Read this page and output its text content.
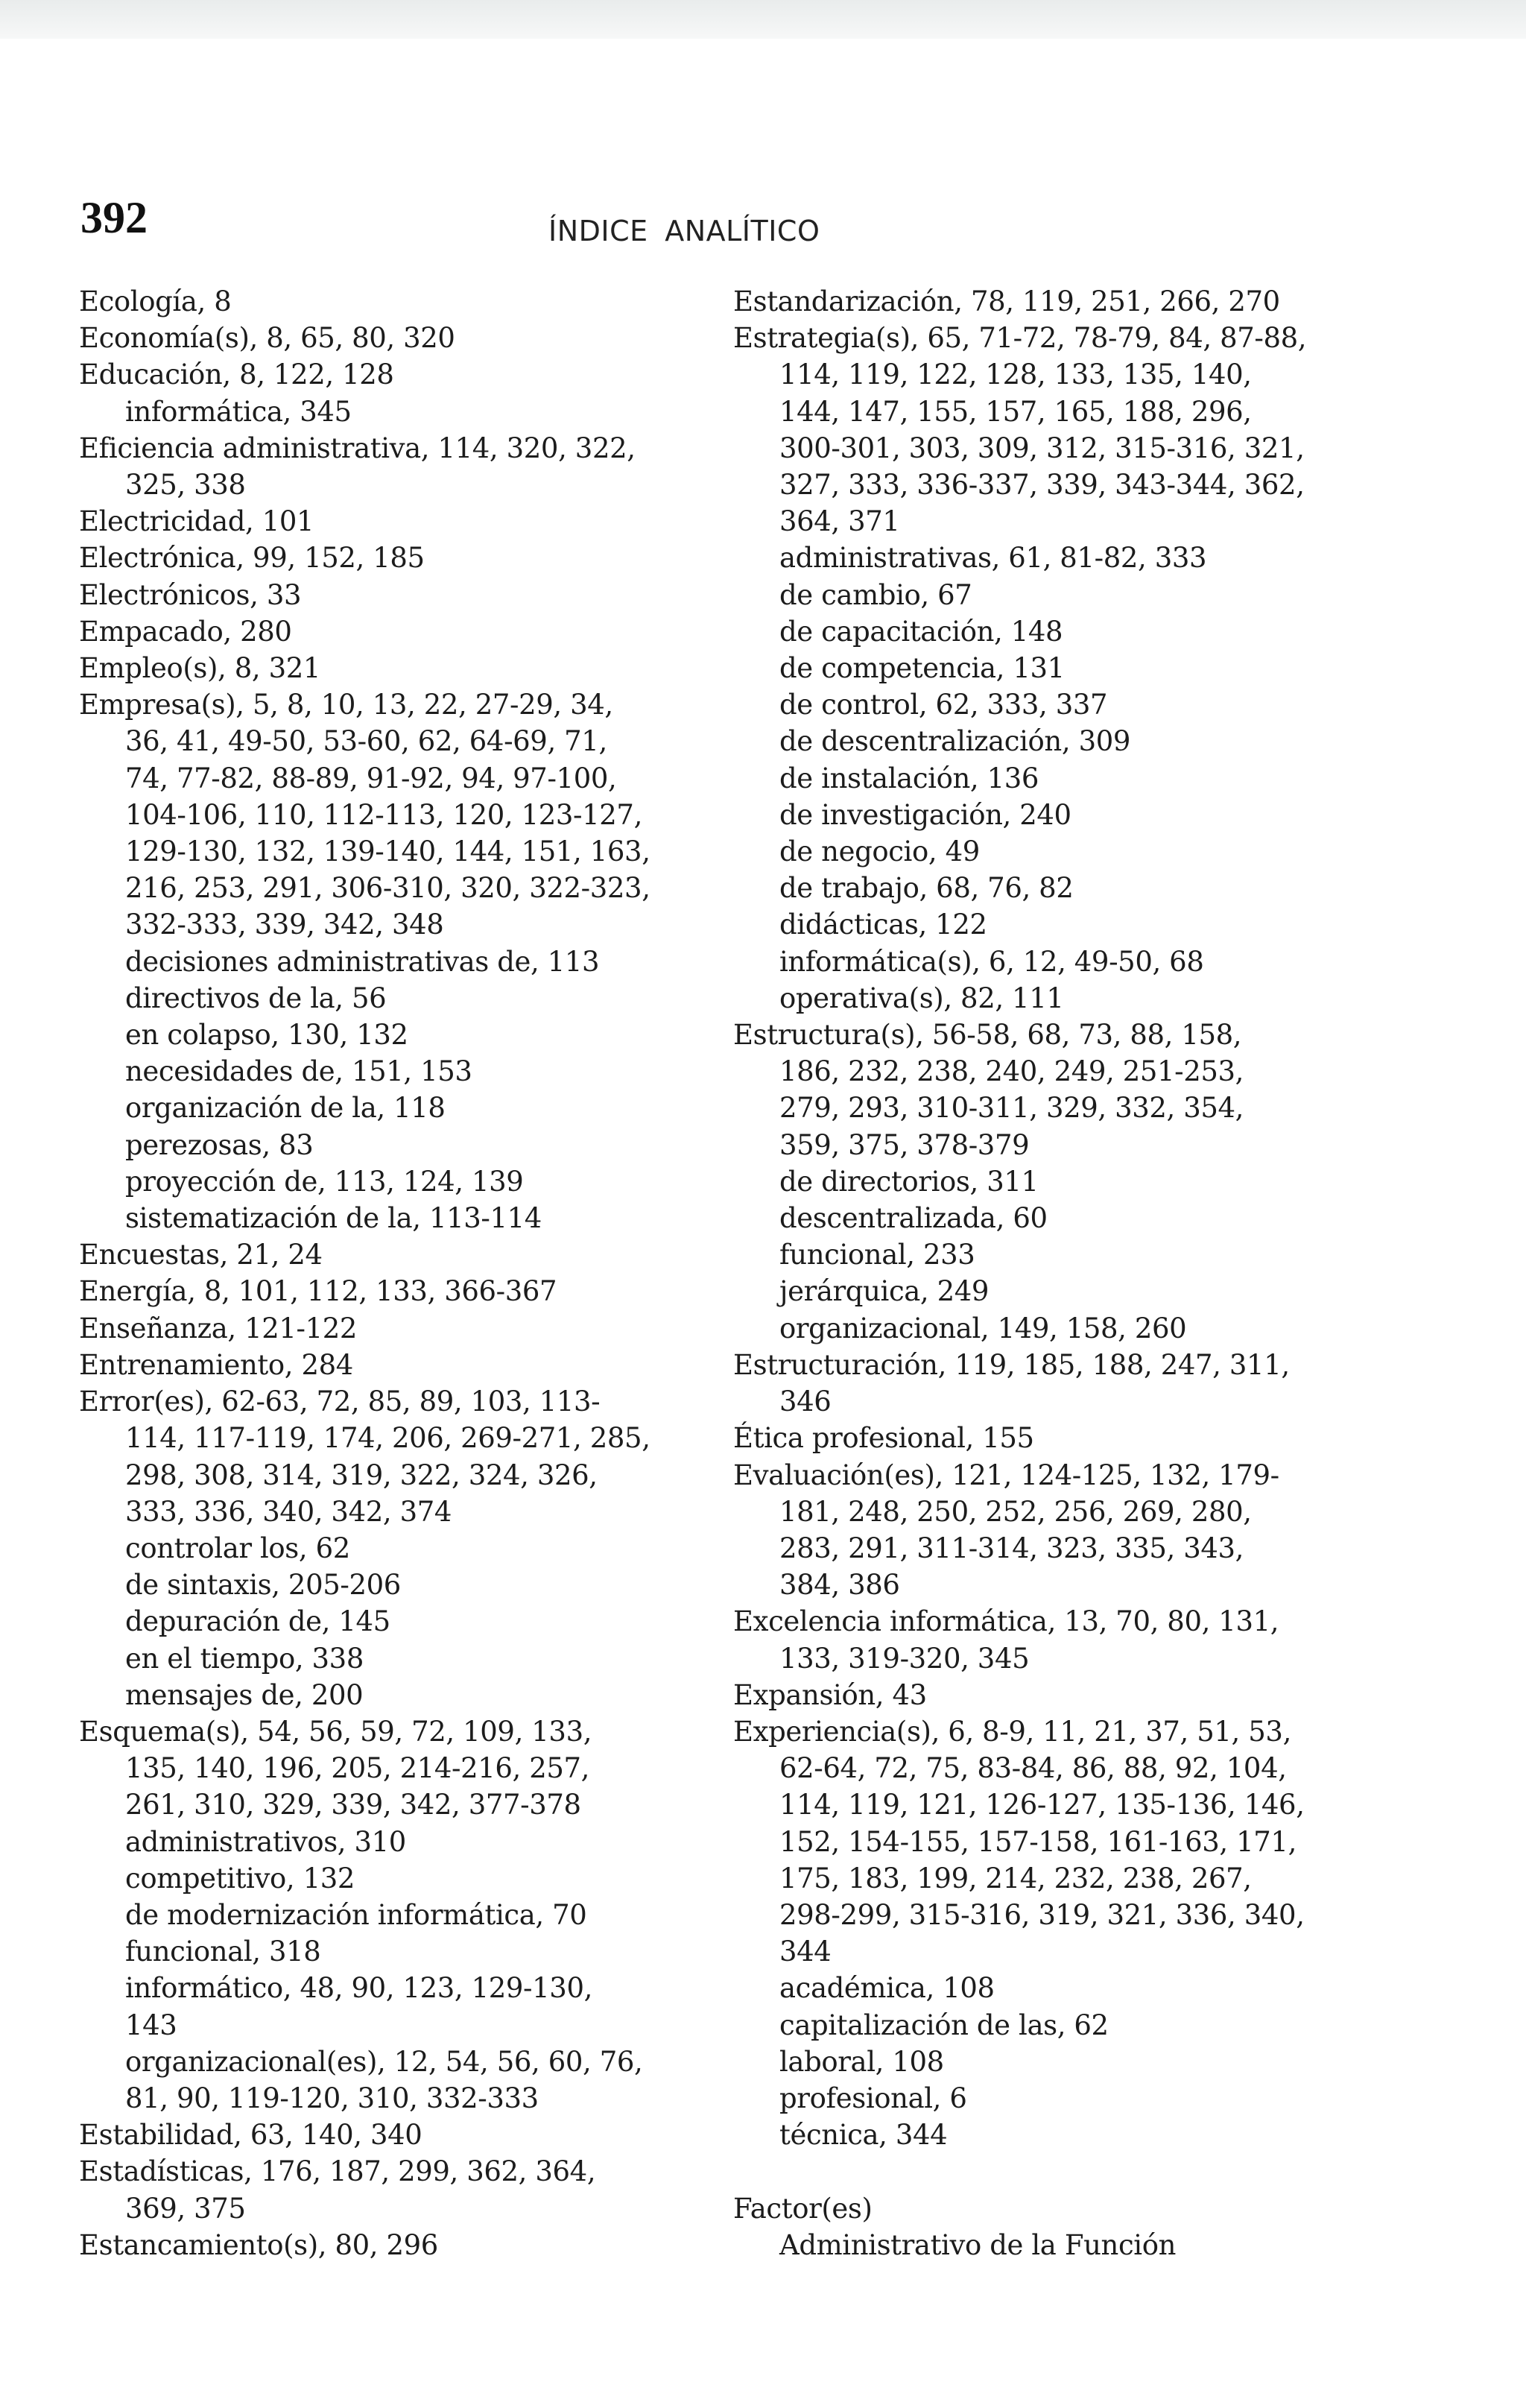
392	ÍNDICE ANALÍTICO
Ecología, 8
Economía(s), 8, 65, 80, 320
Educación, 8, 122, 128
informática, 345
Eficiencia administrativa, 114, 320, 322,
325, 338
Electricidad, 101
Electrónica, 99, 152, 185
Electrónicos, 33
Empacado, 280
Empleo(s), 8, 321
Empresa(s), 5, 8, 10, 13, 22, 27-29, 34,
36, 41, 49-50, 53-60, 62, 64-69, 71,
74, 77-82, 88-89, 91-92, 94, 97-100,
104-106, 110, 112-113, 120, 123-127,
129-130, 132, 139-140, 144, 151, 163,
216, 253, 291, 306-310, 320, 322-323,
332-333, 339, 342, 348
decisiones administrativas de, 113
directivos de la, 56
en colapso, 130, 132
necesidades de, 151, 153
organización de la, 118
perezosas, 83
proyección de, 113, 124, 139
sistematización de la, 113-114
Encuestas, 21, 24
Energía, 8, 101, 112, 133, 366-367
Enseñanza, 121-122
Entrenamiento, 284
Error(es), 62-63, 72, 85, 89, 103, 113-
114, 117-119, 174, 206, 269-271, 285,
298, 308, 314, 319, 322, 324, 326,
333, 336, 340, 342, 374
controlar los, 62
de sintaxis, 205-206
depuración de, 145
en el tiempo, 338
mensajes de, 200
Esquema(s), 54, 56, 59, 72, 109, 133,
135, 140, 196, 205, 214-216, 257,
261, 310, 329, 339, 342, 377-378
administrativos, 310
competitivo, 132
de modernización informática, 70
funcional, 318
informático, 48, 90, 123, 129-130,
143
organizacional(es), 12, 54, 56, 60, 76,
81, 90, 119-120, 310, 332-333
Estabilidad, 63, 140, 340
Estadísticas, 176, 187, 299, 362, 364,
369, 375
Estancamiento(s), 80, 296
Estandarización, 78, 119, 251, 266, 270
Estrategia(s), 65, 71-72, 78-79, 84, 87-88,
114, 119, 122, 128, 133, 135, 140,
144, 147, 155, 157, 165, 188, 296,
300-301, 303, 309, 312, 315-316, 321,
327, 333, 336-337, 339, 343-344, 362,
364, 371
administrativas, 61, 81-82, 333
de cambio, 67
de capacitación, 148
de competencia, 131
de control, 62, 333, 337
de descentralización, 309
de instalación, 136
de investigación, 240
de negocio, 49
de trabajo, 68, 76, 82
didácticas, 122
informática(s), 6, 12, 49-50, 68
operativa(s), 82, 111
Estructura(s), 56-58, 68, 73, 88, 158,
186, 232, 238, 240, 249, 251-253,
279, 293, 310-311, 329, 332, 354,
359, 375, 378-379
de directorios, 311
descentralizada, 60
funcional, 233
jerárquica, 249
organizacional, 149, 158, 260
Estructuración, 119, 185, 188, 247, 311,
346
Ética profesional, 155
Evaluación(es), 121, 124-125, 132, 179-
181, 248, 250, 252, 256, 269, 280,
283, 291, 311-314, 323, 335, 343,
384, 386
Excelencia informática, 13, 70, 80, 131,
133, 319-320, 345
Expansión, 43
Experiencia(s), 6, 8-9, 11, 21, 37, 51, 53,
62-64, 72, 75, 83-84, 86, 88, 92, 104,
114, 119, 121, 126-127, 135-136, 146,
152, 154-155, 157-158, 161-163, 171,
175, 183, 199, 214, 232, 238, 267,
298-299, 315-316, 319, 321, 336, 340,
344
académica, 108
capitalización de las, 62
laboral, 108
profesional, 6
técnica, 344
Factor(es)
Administrativo de la Función
